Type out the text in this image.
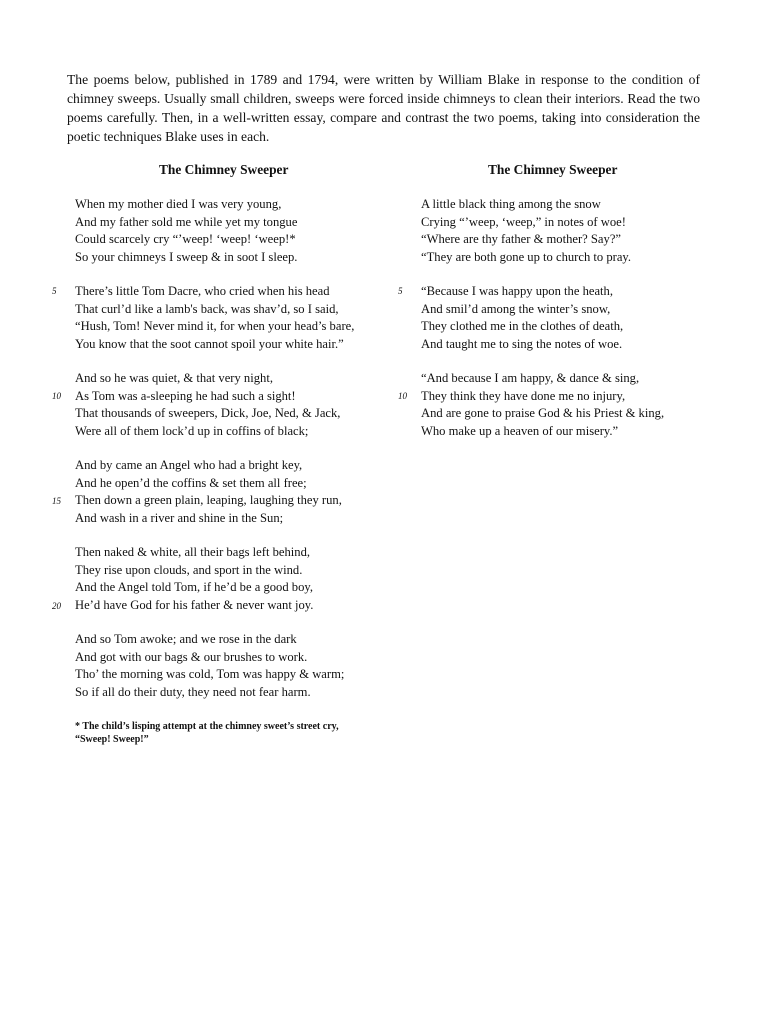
The poems below, published in 1789 and 1794, were written by William Blake in response to the condition of chimney sweeps. Usually small children, sweeps were forced inside chimneys to clean their interiors. Read the two poems carefully. Then, in a well-written essay, compare and contrast the two poems, taking into consideration the poetic techniques Blake uses in each.

The Chimney Sweeper	The Chimney Sweeper
When my mother died I was very young,
And my father sold me while yet my tongue
Could scarcely cry “’weep! ‘weep! ‘weep!*
So your chimneys I sweep & in soot I sleep.
There’s little Tom Dacre, who cried when his head
That curl’d like a lamb's back, was shav’d, so I said,
“Hush, Tom! Never mind it, for when your head’s bare,
You know that the soot cannot spoil your white hair.”
And so he was quiet, & that very night,
As Tom was a-sleeping he had such a sight!
That thousands of sweepers, Dick, Joe, Ned, & Jack,
Were all of them lock’d up in coffins of black;
And by came an Angel who had a bright key,
And he open’d the coffins & set them all free;
Then down a green plain, leaping, laughing they run,
And wash in a river and shine in the Sun;
Then naked & white, all their bags left behind,
They rise upon clouds, and sport in the wind.
And the Angel told Tom, if he’d be a good boy,
He’d have God for his father & never want joy.
And so Tom awoke; and we rose in the dark
And got with our bags & our brushes to work.
Tho’ the morning was cold, Tom was happy & warm;
So if all do their duty, they need not fear harm.
5
10
15
20
* The child’s lisping attempt at the chimney sweet’s street cry,
“Sweep! Sweep!”
A little black thing among the snow
Crying “’weep, ‘weep,” in notes of woe!
“Where are thy father & mother? Say?”
“They are both gone up to church to pray.
“Because I was happy upon the heath,
And smil’d among the winter’s snow,
They clothed me in the clothes of death,
And taught me to sing the notes of woe.
“And because I am happy, & dance & sing,
They think they have done me no injury,
And are gone to praise God & his Priest & king,
Who make up a heaven of our misery.”
5
10
